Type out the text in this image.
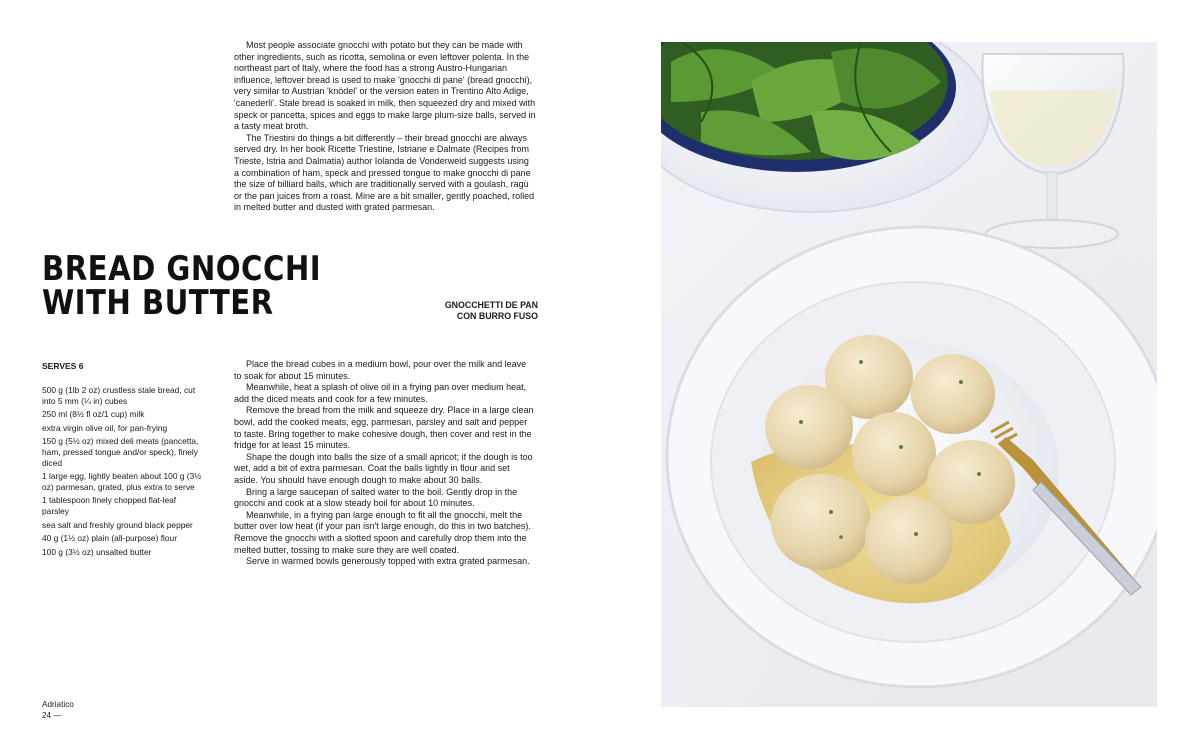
Most people associate gnocchi with potato but they can be made with other ingredients, such as ricotta, semolina or even leftover polenta. In the northeast part of Italy, where the food has a strong Austro-Hungarian influence, leftover bread is used to make 'gnocchi di pane' (bread gnocchi), very similar to Austrian 'knödel' or the version eaten in Trentino Alto Adige, 'canederli'. Stale bread is soaked in milk, then squeezed dry and mixed with speck or pancetta, spices and eggs to make large plum-size balls, served in a tasty meat broth.

The Triestini do things a bit differently – their bread gnocchi are always served dry. In her book Ricette Triestine, Istriane e Dalmate (Recipes from Trieste, Istria and Dalmatia) author Iolanda de Vonderweid suggests using a combination of ham, speck and pressed tongue to make gnocchi di pane the size of billiard balls, which are traditionally served with a goulash, ragù or the pan juices from a roast. Mine are a bit smaller, gently poached, rolled in melted butter and dusted with grated parmesan.

BREAD GNOCCHI
WITH BUTTER	GNOCCHETTI DE PAN
CON BURRO FUSO
SERVES 6
500 g (1lb 2 oz) crustless stale bread, cut into 5 mm (¼ in) cubes
250 ml (8½ fl oz/1 cup) milk
extra virgin olive oil, for pan-frying
150 g (5½ oz) mixed deli meats (pancetta, ham, pressed tongue and/or speck), finely diced
1 large egg, lightly beaten about 100 g (3½ oz) parmesan, grated, plus extra to serve
1 tablespoon finely chopped flat-leaf parsley
sea salt and freshly ground black pepper
40 g (1½ oz) plain (all-purpose) flour
100 g (3½ oz) unsalted butter

Place the bread cubes in a medium bowl, pour over the milk and leave to soak for about 15 minutes.

Meanwhile, heat a splash of olive oil in a frying pan over medium heat, add the diced meats and cook for a few minutes.

Remove the bread from the milk and squeeze dry. Place in a large clean bowl, add the cooked meats, egg, parmesan, parsley and salt and pepper to taste. Bring together to make cohesive dough, then cover and rest in the fridge for at least 15 minutes.

Shape the dough into balls the size of a small apricot; if the dough is too wet, add a bit of extra parmesan. Coat the balls lightly in flour and set aside. You should have enough dough to make about 30 balls.

Bring a large saucepan of salted water to the boil. Gently drop in the gnocchi and cook at a slow steady boil for about 10 minutes.

Meanwhile, in a frying pan large enough to fit all the gnocchi, melt the butter over low heat (if your pan isn't large enough, do this in two batches). Remove the gnocchi with a slotted spoon and carefully drop them into the melted butter, tossing to make sure they are well coated.

Serve in warmed bowls generously topped with extra grated parmesan.

Adriatico
24 —
